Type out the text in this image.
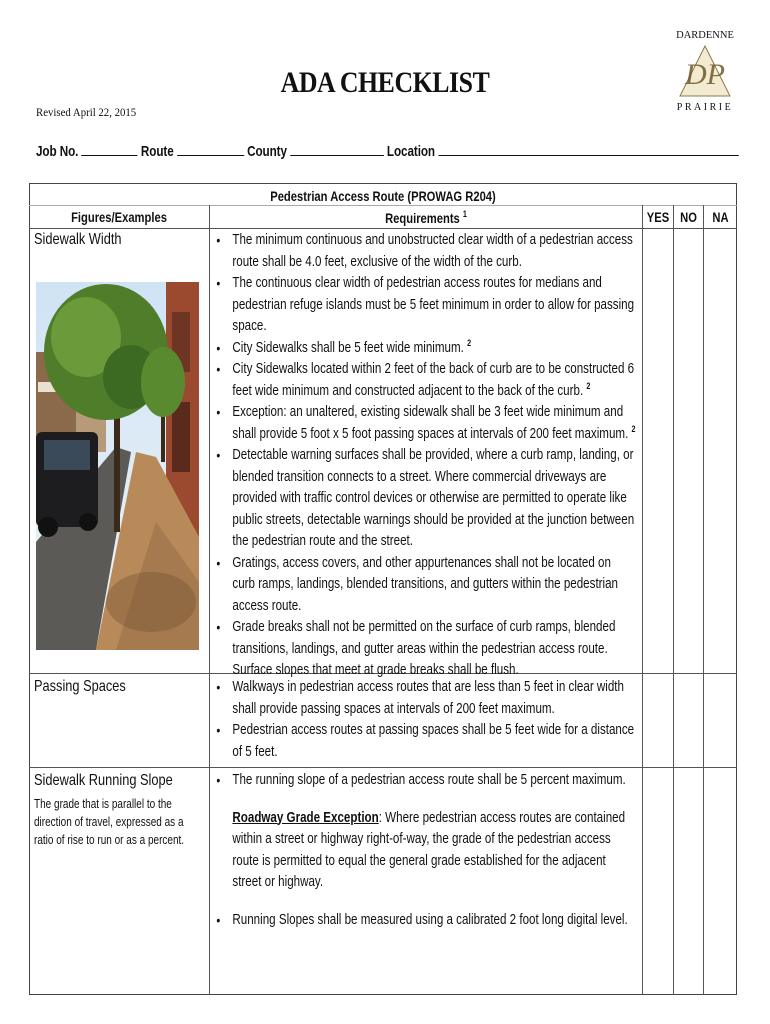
ADA CHECKLIST
Revised April 22, 2015
DARDENNE
DP
PRAIRIE
Job No.	Route	County	Location
Pedestrian Access Route (PROWAG R204)
Figures/Examples	Requirements $^1$	YES NO	NA
Sidewalk Width	• The minimum continuous and unobstructed clear width of a pedestrian access route shall be 4.0 feet, exclusive of the width of the curb.
• The continuous clear width of pedestrian access routes for medians and pedestrian refuge islands must be 5 feet minimum in order to allow for passing space.
• City Sidewalks shall be 5 feet wide minimum. $^2$
• City Sidewalks located within 2 feet of the back of curb are to be constructed 6 feet wide minimum and constructed adjacent to the back of the curb. $^2$
• Exception: an unaltered, existing sidewalk shall be 3 feet wide minimum and shall provide 5 foot x 5 foot passing spaces at intervals of 200 feet maximum. $^2$
• Detectable warning surfaces shall be provided, where a curb ramp, landing, or blended transition connects to a street. Where commercial driveways are provided with traffic control devices or otherwise are permitted to operate like public streets, detectable warnings should be provided at the junction between the pedestrian route and the street.
• Gratings, access covers, and other appurtenances shall not be located on curb ramps, landings, blended transitions, and gutters within the pedestrian access route.
• Grade breaks shall not be permitted on the surface of curb ramps, blended transitions, landings, and gutter areas within the pedestrian access route. Surface slopes that meet at grade breaks shall be flush.
Passing Spaces	• Walkways in pedestrian access routes that are less than 5 feet in clear width shall provide passing spaces at intervals of 200 feet maximum.
• Pedestrian access routes at passing spaces shall be 5 feet wide for a distance of 5 feet.
Sidewalk Running Slope
The grade that is parallel to the direction of travel, expressed as a ratio of rise to run or as a percent.
• The running slope of a pedestrian access route shall be 5 percent maximum.

Roadway Grade Exception: Where pedestrian access routes are contained within a street or highway right-of-way, the grade of the pedestrian access route is permitted to equal the general grade established for the adjacent street or highway.

• Running Slopes shall be measured using a calibrated 2 foot long digital level.
